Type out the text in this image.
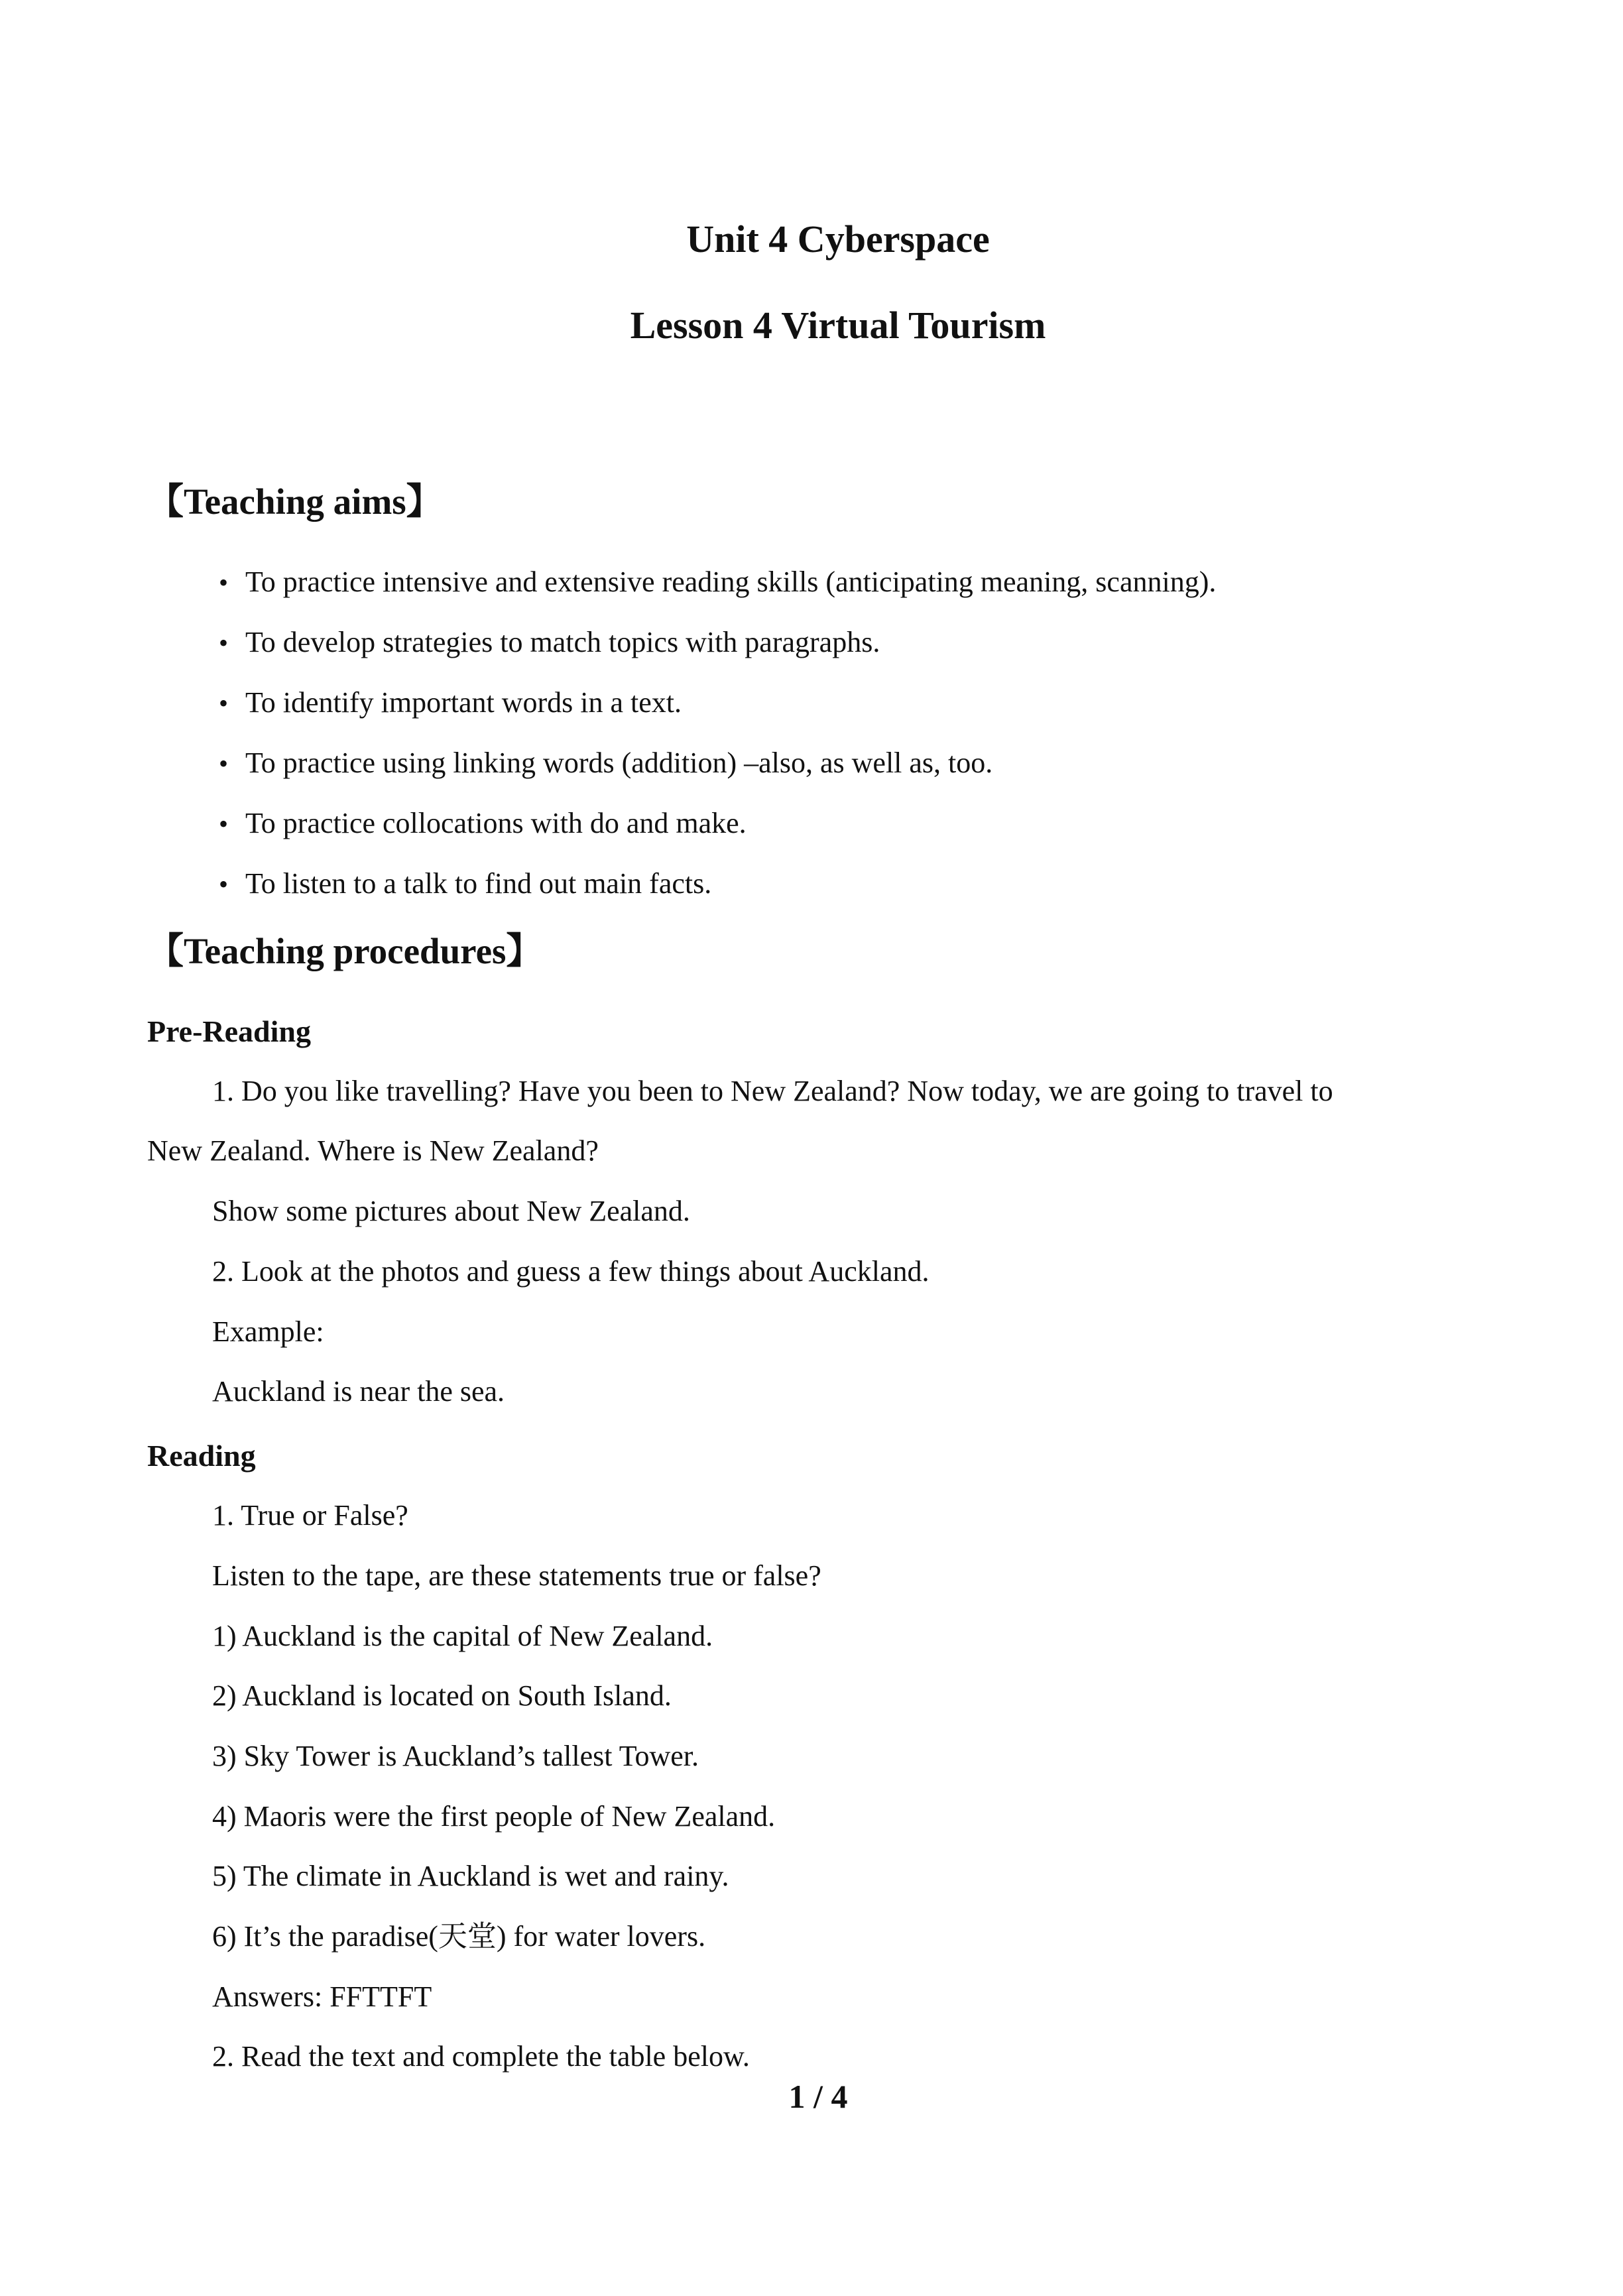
Unit 4 Cyberspace
Lesson 4 Virtual Tourism
【Teaching aims】
• To practice intensive and extensive reading skills (anticipating meaning, scanning).
• To develop strategies to match topics with paragraphs.
• To identify important words in a text.
• To practice using linking words (addition) –also, as well as, too.
• To practice collocations with do and make.
• To listen to a talk to find out main facts.
【Teaching procedures】
Pre-Reading
1. Do you like travelling? Have you been to New Zealand? Now today, we are going to travel to
New Zealand. Where is New Zealand?
Show some pictures about New Zealand.
2. Look at the photos and guess a few things about Auckland.
Example:
Auckland is near the sea.
Reading
1. True or False?
Listen to the tape, are these statements true or false?
1) Auckland is the capital of New Zealand.
2) Auckland is located on South Island.
3) Sky Tower is Auckland’s tallest Tower.
4) Maoris were the first people of New Zealand.
5) The climate in Auckland is wet and rainy.
6) It’s the paradise(天堂) for water lovers.
Answers: FFTTFT
2. Read the text and complete the table below.
1 / 4
